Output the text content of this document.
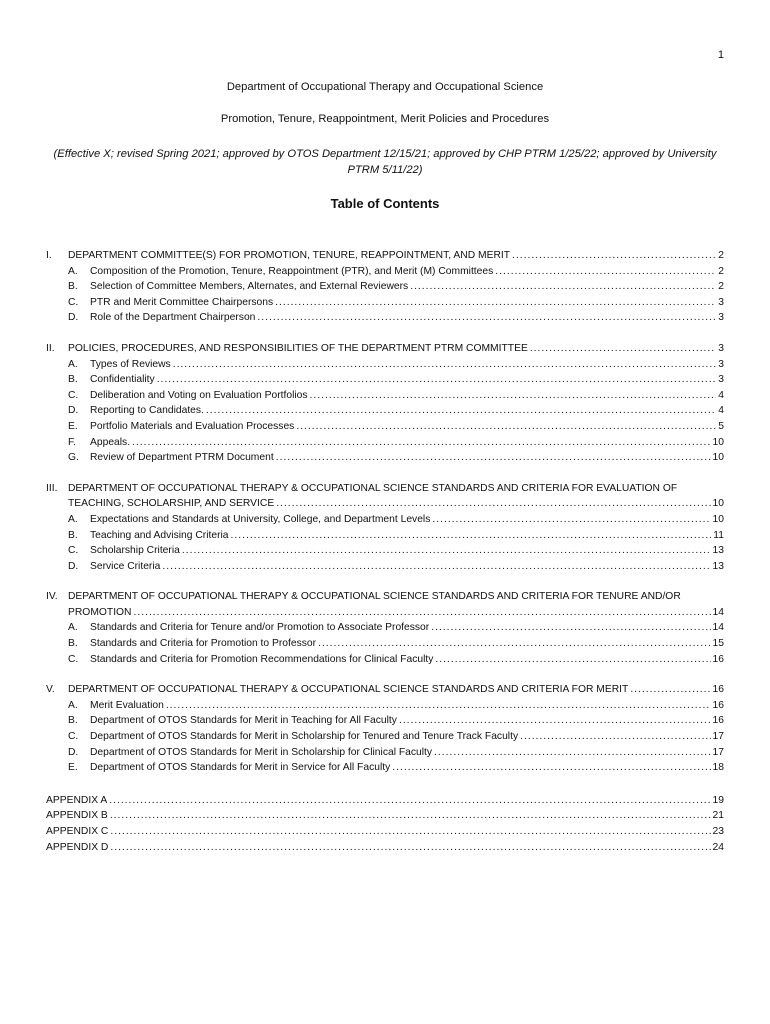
1
Department of Occupational Therapy and Occupational Science
Promotion, Tenure, Reappointment, Merit Policies and Procedures
(Effective X; revised Spring 2021; approved by OTOS Department 12/15/21; approved by CHP PTRM 1/25/22; approved by University PTRM 5/11/22)
Table of Contents
I.	DEPARTMENT COMMITTEE(S) FOR PROMOTION, TENURE, REAPPOINTMENT, AND MERIT .....	2
A.	Composition of the Promotion, Tenure, Reappointment (PTR), and Merit (M) Committees .....	2
B.	Selection of Committee Members, Alternates, and External Reviewers .....	2
C.	PTR and Merit Committee Chairpersons .....	3
D.	Role of the Department Chairperson .....	3
II.	POLICIES, PROCEDURES, AND RESPONSIBILITIES OF THE DEPARTMENT PTRM COMMITTEE .....	3
A.	Types of Reviews .....	3
B.	Confidentiality .....	3
C.	Deliberation and Voting on Evaluation Portfolios .....	4
D.	Reporting to Candidates. .....	4
E.	Portfolio Materials and Evaluation Processes .....	5
F.	Appeals. .....	10
G.	Review of Department PTRM Document .....	10
III.	DEPARTMENT OF OCCUPATIONAL THERAPY & OCCUPATIONAL SCIENCE STANDARDS AND CRITERIA FOR EVALUATION OF
TEACHING, SCHOLARSHIP, AND SERVICE .....	10
A.	Expectations and Standards at University, College, and Department Levels .....	10
B.	Teaching and Advising Criteria .....	11
C.	Scholarship Criteria .....	13
D.	Service Criteria .....	13
IV.	DEPARTMENT OF OCCUPATIONAL THERAPY & OCCUPATIONAL SCIENCE STANDARDS AND CRITERIA FOR TENURE AND/OR
PROMOTION .....	14
A.	Standards and Criteria for Tenure and/or Promotion to Associate Professor .....	14
B.	Standards and Criteria for Promotion to Professor .....	15
C.	Standards and Criteria for Promotion Recommendations for Clinical Faculty .....	16
V.	DEPARTMENT OF OCCUPATIONAL THERAPY & OCCUPATIONAL SCIENCE STANDARDS AND CRITERIA FOR MERIT .....	16
A.	Merit Evaluation .....	16
B.	Department of OTOS Standards for Merit in Teaching for All Faculty .....	16
C.	Department of OTOS Standards for Merit in Scholarship for Tenured and Tenure Track Faculty .....	17
D.	Department of OTOS Standards for Merit in Scholarship for Clinical Faculty .....	17
E.	Department of OTOS Standards for Merit in Service for All Faculty .....	18
APPENDIX A .....	19
APPENDIX B .....	21
APPENDIX C .....	23
APPENDIX D .....	24
